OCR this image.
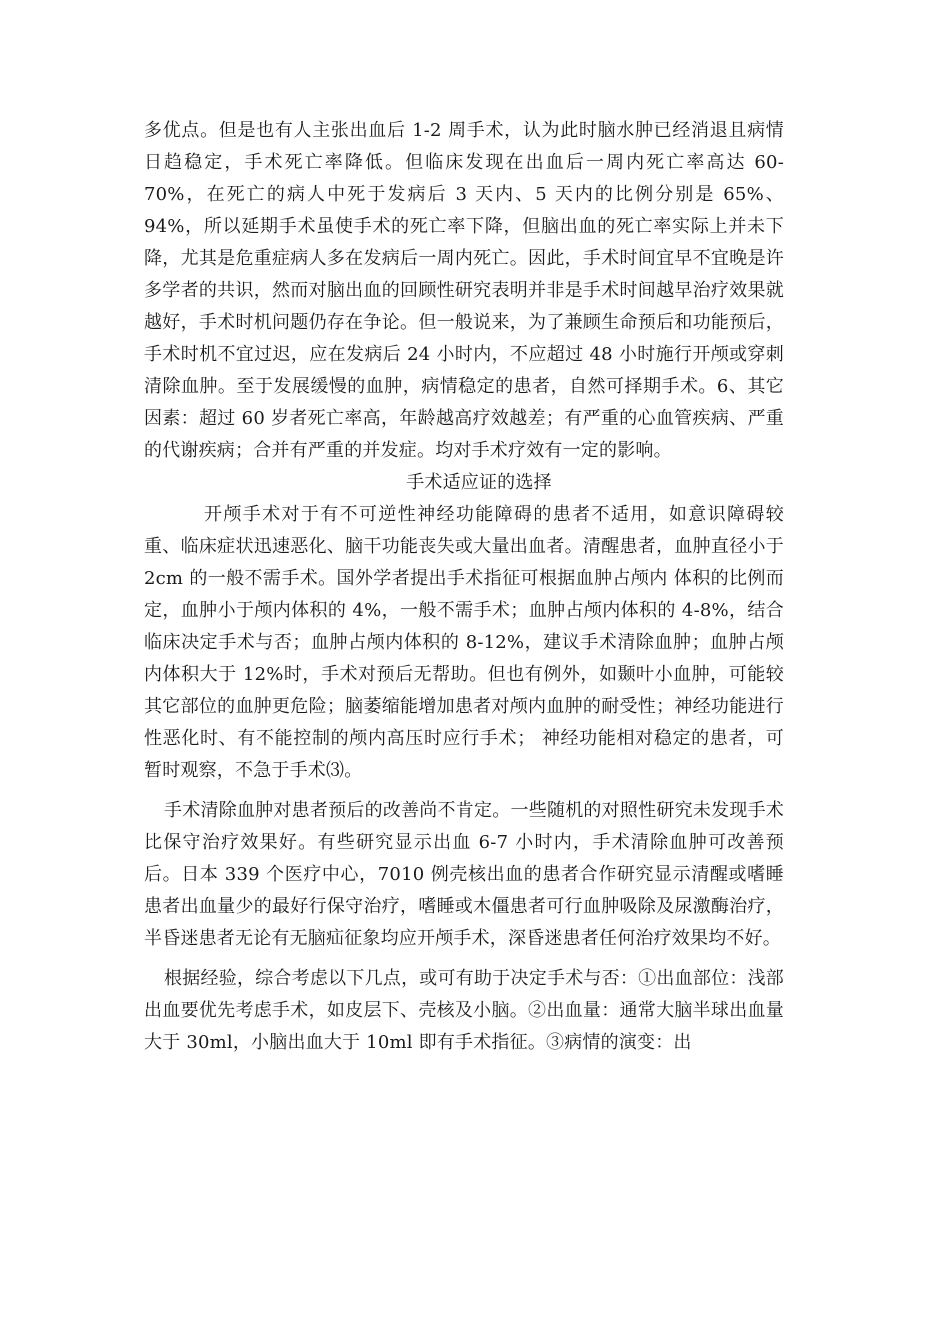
多优点。但是也有人主张出血后 1-2 周手术，认为此时脑水肿已经消退且病情日趋稳定，手术死亡率降低。但临床发现在出血后一周内死亡率高达 60-70%，在死亡的病人中死于发病后 3 天内、5 天内的比例分别是 65%、94%，所以延期手术虽使手术的死亡率下降，但脑出血的死亡率实际上并未下降，尤其是危重症病人多在发病后一周内死亡。因此，手术时间宜早不宜晚是许多学者的共识，然而对脑出血的回顾性研究表明并非是手术时间越早治疗效果就越好，手术时机问题仍存在争论。但一般说来，为了兼顾生命预后和功能预后，手术时机不宜过迟，应在发病后 24 小时内，不应超过 48 小时施行开颅或穿刺清除血肿。至于发展缓慢的血肿，病情稳定的患者，自然可择期手术。6、其它因素：超过 60 岁者死亡率高，年龄越高疗效越差；有严重的心血管疾病、严重的代谢疾病；合并有严重的并发症。均对手术疗效有一定的影响。

手术适应证的选择

开颅手术对于有不可逆性神经功能障碍的患者不适用，如意识障碍较重、临床症状迅速恶化、脑干功能丧失或大量出血者。清醒患者，血肿直径小于 2cm 的一般不需手术。国外学者提出手术指征可根据血肿占颅内 体积的比例而定，血肿小于颅内体积的 4%，一般不需手术；血肿占颅内体积的 4-8%，结合临床决定手术与否；血肿占颅内体积的 8-12%，建议手术清除血肿；血肿占颅内体积大于 12%时，手术对预后无帮助。但也有例外，如颞叶小血肿，可能较其它部位的血肿更危险；脑萎缩能增加患者对颅内血肿的耐受性；神经功能进行性恶化时、有不能控制的颅内高压时应行手术； 神经功能相对稳定的患者，可暂时观察，不急于手术⑶。

手术清除血肿对患者预后的改善尚不肯定。一些随机的对照性研究未发现手术比保守治疗效果好。有些研究显示出血 6-7 小时内，手术清除血肿可改善预后。日本 339 个医疗中心，7010 例壳核出血的患者合作研究显示清醒或嗜睡患者出血量少的最好行保守治疗，嗜睡或木僵患者可行血肿吸除及尿激酶治疗，半昏迷患者无论有无脑疝征象均应开颅手术，深昏迷患者任何治疗效果均不好。

根据经验，综合考虑以下几点，或可有助于决定手术与否：①出血部位：浅部出血要优先考虑手术，如皮层下、壳核及小脑。②出血量：通常大脑半球出血量大于 30ml，小脑出血大于 10ml 即有手术指征。③病情的演变：出
